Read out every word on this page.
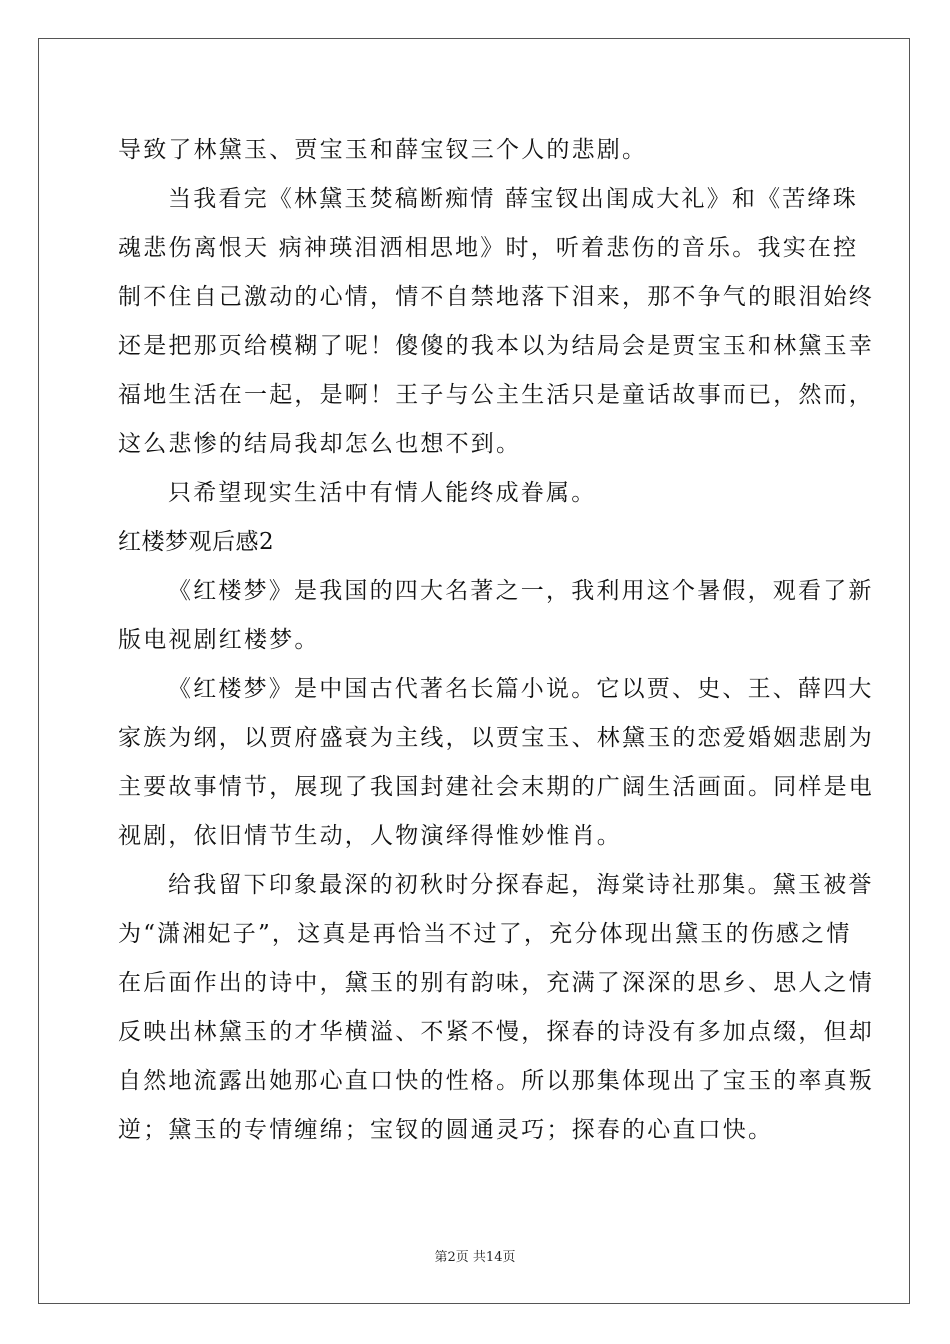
导致了林黛玉、贾宝玉和薛宝钗三个人的悲剧。
当我看完《林黛玉焚稿断痴情 薛宝钗出闺成大礼》和《苦绛珠
魂悲伤离恨天 病神瑛泪洒相思地》时，听着悲伤的音乐。我实在控
制不住自己激动的心情，情不自禁地落下泪来，那不争气的眼泪始终
还是把那页给模糊了呢！傻傻的我本以为结局会是贾宝玉和林黛玉幸
福地生活在一起，是啊！王子与公主生活只是童话故事而已，然而，
这么悲惨的结局我却怎么也想不到。
只希望现实生活中有情人能终成眷属。
红楼梦观后感2
《红楼梦》是我国的四大名著之一，我利用这个暑假，观看了新
版电视剧红楼梦。
《红楼梦》是中国古代著名长篇小说。它以贾、史、王、薛四大
家族为纲，以贾府盛衰为主线，以贾宝玉、林黛玉的恋爱婚姻悲剧为
主要故事情节，展现了我国封建社会末期的广阔生活画面。同样是电
视剧，依旧情节生动，人物演绎得惟妙惟肖。
给我留下印象最深的初秋时分探春起，海棠诗社那集。黛玉被誉
为“潇湘妃子”，这真是再恰当不过了，充分体现出黛玉的伤感之情
在后面作出的诗中，黛玉的别有韵味，充满了深深的思乡、思人之情
反映出林黛玉的才华横溢、不紧不慢，探春的诗没有多加点缀，但却
自然地流露出她那心直口快的性格。所以那集体现出了宝玉的率真叛
逆；黛玉的专情缠绵；宝钗的圆通灵巧；探春的心直口快。
第2页 共14页
